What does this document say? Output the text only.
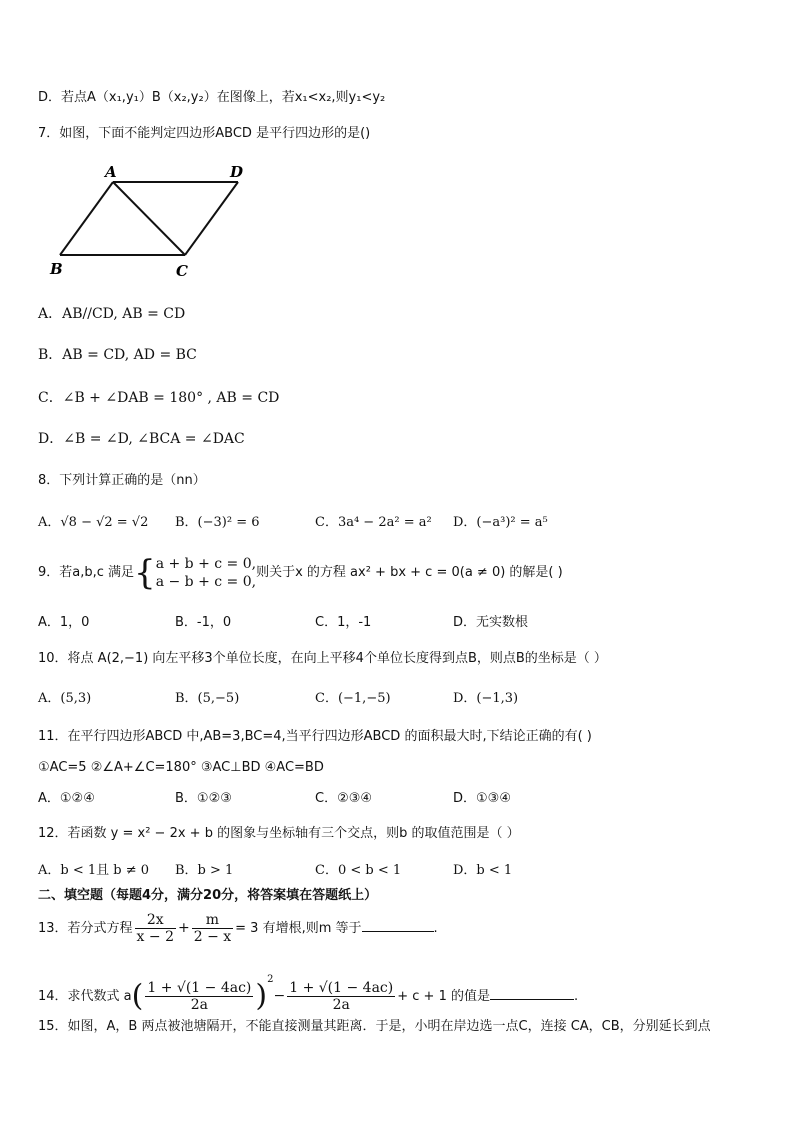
D．若点A（x₁,y₁）B（x₂,y₂）在图像上，若x₁<x₂,则y₁<y₂
7．如图，下面不能判定四边形ABCD 是平行四边形的是()
A	D
B	C
A．AB//CD, AB = CD
B．AB = CD, AD = BC
C．∠B + ∠DAB = 180° , AB = CD
D．∠B = ∠D, ∠BCA = ∠DAC
8．下列计算正确的是（nn）
A．√8 − √2 = √2 B．(−3)² = 6	C．3a⁴ − 2a² = a² D．(−a³)² = a⁵
9．若a,b,c 满足{ a + b + c = 0,
a − b + c = 0,
则关于x 的方程 ax² + bx + c = 0(a ≠ 0) 的解是( )
A．1，0	B．-1，0	C．1，-1	D．无实数根
10．将点 A(2,−1) 向左平移3个单位长度，在向上平移4个单位长度得到点B，则点B的坐标是（ ）
A．(5,3)	B．(5,−5)	C．(−1,−5)	D．(−1,3)
11．在平行四边形ABCD 中,AB=3,BC=4,当平行四边形ABCD 的面积最大时,下结论正确的有( )
①AC=5 ②∠A+∠C=180° ③AC⊥BD ④AC=BD
A．①②④	B．①②③	C．②③④	D．①③④
12．若函数 y = x² − 2x + b 的图象与坐标轴有三个交点，则b 的取值范围是（ ）
A．b < 1且 b ≠ 0 B．b > 1	C．0 < b < 1	D．b < 1
二、填空题（每题4分，满分20分，将答案填在答题纸上）
13．若分式方程 $\frac{2x}{x - 2} + \frac{m}{2 - x} = 3$ 有增根,则m 等于	.
14．求代数式 $a( \frac{1 + √(1 - 4ac)}{2a} )^2- \frac{1 + √(1 - 4ac)}{2a} + c + 1$ 的值是	.
15．如图，A，B 两点被池塘隔开，不能直接测量其距离．于是，小明在岸边选一点C，连接 CA，CB，分别延长到点
